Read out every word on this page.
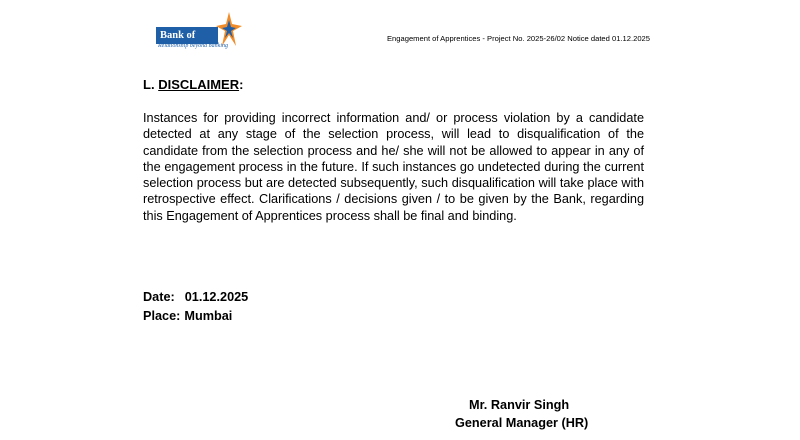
Bank of India
Relationship beyond banking
Engagement of Apprentices - Project No. 2025-26/02 Notice dated 01.12.2025
L. DISCLAIMER:
Instances for providing incorrect information and/ or process violation by a candidate detected at any stage of the selection process, will lead to disqualification of the candidate from the selection process and he/ she will not be allowed to appear in any of the engagement process in the future. If such instances go undetected during the current selection process but are detected subsequently, such disqualification will take place with retrospective effect. Clarifications / decisions given / to be given by the Bank, regarding this Engagement of Apprentices process shall be final and binding.
Date: 01.12.2025
Place: Mumbai
Mr. Ranvir Singh
General Manager (HR)
